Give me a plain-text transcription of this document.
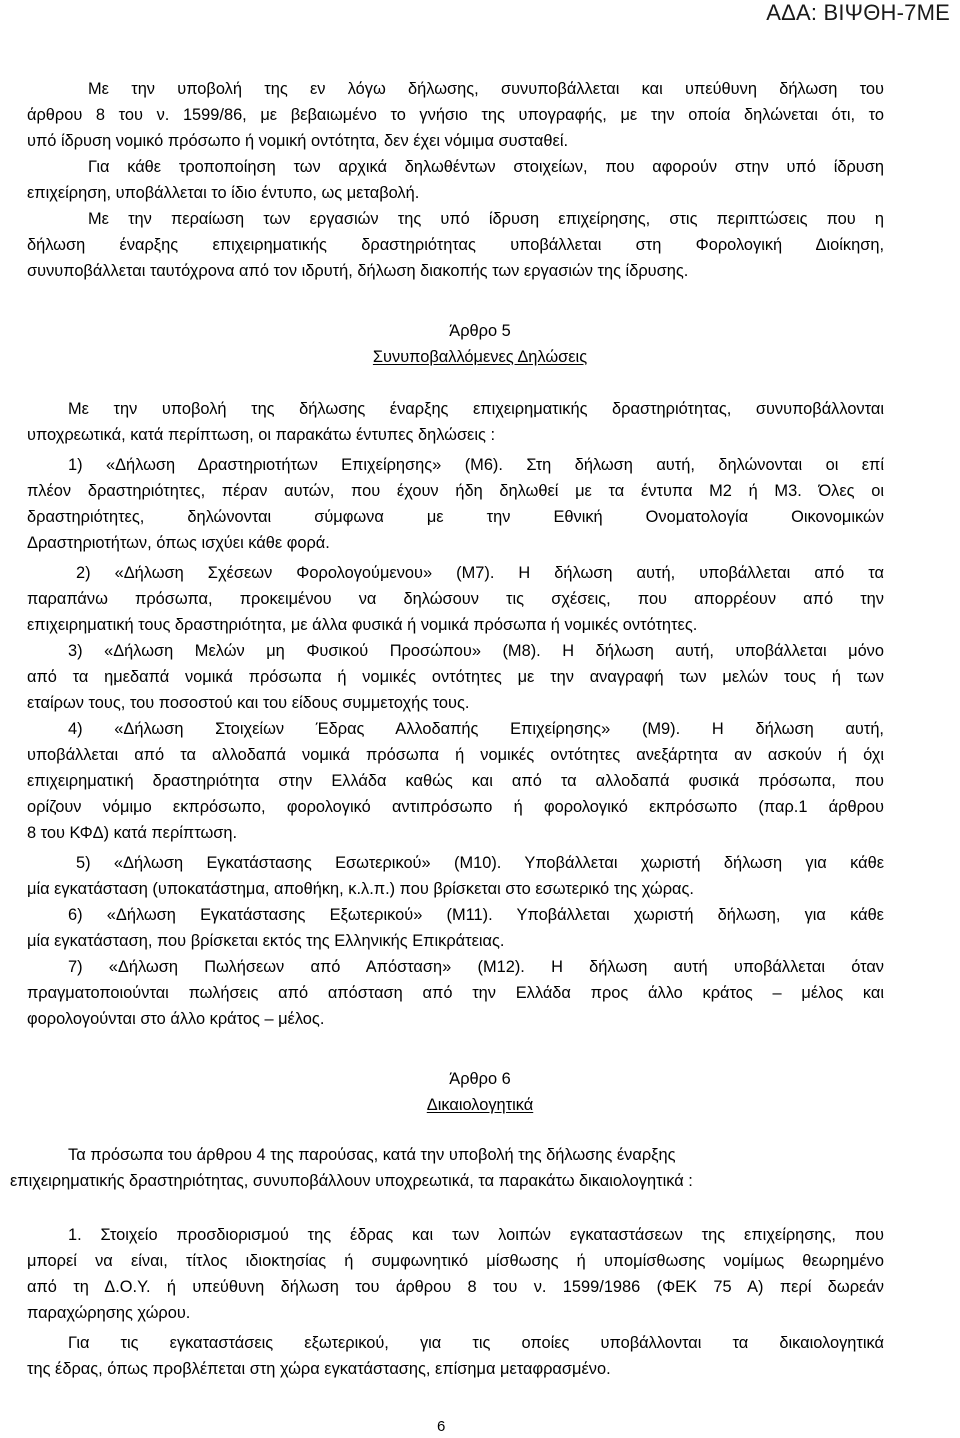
ΑΔΑ: ΒΙΨΘΗ-7ΜΕ
Με την υποβολή της εν λόγω δήλωσης, συνυποβάλλεται και υπεύθυνη δήλωση του
άρθρου 8 του ν. 1599/86, με βεβαιωμένο το γνήσιο της υπογραφής, με την οποία δηλώνεται ότι, το
υπό ίδρυση νομικό πρόσωπο ή νομική οντότητα, δεν έχει νόμιμα συσταθεί.
Για κάθε τροποποίηση των αρχικά δηλωθέντων στοιχείων, που αφορούν στην υπό ίδρυση
επιχείρηση, υποβάλλεται το ίδιο έντυπο, ως μεταβολή.
Με την περαίωση των εργασιών της υπό ίδρυση επιχείρησης, στις περιπτώσεις που η
δήλωση έναρξης επιχειρηματικής δραστηριότητας υποβάλλεται στη Φορολογική Διοίκηση,
συνυποβάλλεται ταυτόχρονα από τον ιδρυτή, δήλωση διακοπής των εργασιών της ίδρυσης.
Άρθρο 5
Συνυποβαλλόμενες Δηλώσεις
Με την υποβολή της δήλωσης έναρξης επιχειρηματικής δραστηριότητας, συνυποβάλλονται
υποχρεωτικά, κατά περίπτωση, οι παρακάτω έντυπες δηλώσεις :
1) «Δήλωση Δραστηριοτήτων Επιχείρησης» (Μ6). Στη δήλωση αυτή, δηλώνονται οι επί
πλέον δραστηριότητες, πέραν αυτών, που έχουν ήδη δηλωθεί με τα έντυπα Μ2 ή Μ3. Όλες οι
δραστηριότητες, δηλώνονται σύμφωνα με την Εθνική Ονοματολογία Οικονομικών
Δραστηριοτήτων, όπως ισχύει κάθε φορά.
2) «Δήλωση Σχέσεων Φορολογούμενου» (Μ7). Η δήλωση αυτή, υποβάλλεται από τα
παραπάνω πρόσωπα, προκειμένου να δηλώσουν τις σχέσεις, που απορρέουν από την
επιχειρηματική τους δραστηριότητα, με άλλα φυσικά ή νομικά πρόσωπα ή νομικές οντότητες.
3) «Δήλωση Μελών μη Φυσικού Προσώπου» (Μ8). Η δήλωση αυτή, υποβάλλεται μόνο
από τα ημεδαπά νομικά πρόσωπα ή νομικές οντότητες με την αναγραφή των μελών τους ή των
εταίρων τους, του ποσοστού και του είδους συμμετοχής τους.
4) «Δήλωση Στοιχείων Έδρας Αλλοδαπής Επιχείρησης» (Μ9). Η δήλωση αυτή,
υποβάλλεται από τα αλλοδαπά νομικά πρόσωπα ή νομικές οντότητες ανεξάρτητα αν ασκούν ή όχι
επιχειρηματική δραστηριότητα στην Ελλάδα καθώς και από τα αλλοδαπά φυσικά πρόσωπα, που
ορίζουν νόμιμο εκπρόσωπο, φορολογικό αντιπρόσωπο ή φορολογικό εκπρόσωπο (παρ.1 άρθρου
8 του ΚΦΔ) κατά περίπτωση.
5) «Δήλωση Εγκατάστασης Εσωτερικού» (Μ10). Υποβάλλεται χωριστή δήλωση για κάθε
μία εγκατάσταση (υποκατάστημα, αποθήκη, κ.λ.π.) που βρίσκεται στο εσωτερικό της χώρας.
6) «Δήλωση Εγκατάστασης Εξωτερικού» (Μ11). Υποβάλλεται χωριστή δήλωση, για κάθε
μία εγκατάσταση, που βρίσκεται εκτός της Ελληνικής Επικράτειας.
7) «Δήλωση Πωλήσεων από Απόσταση» (Μ12). Η δήλωση αυτή υποβάλλεται όταν
πραγματοποιούνται πωλήσεις από απόσταση από την Ελλάδα προς άλλο κράτος – μέλος και
φορολογούνται στο άλλο κράτος – μέλος.
Άρθρο 6
Δικαιολογητικά
Τα πρόσωπα του άρθρου 4 της παρούσας, κατά την υποβολή της δήλωσης έναρξης
επιχειρηματικής δραστηριότητας, συνυποβάλλουν υποχρεωτικά, τα παρακάτω δικαιολογητικά :
1. Στοιχείο προσδιορισμού της έδρας και των λοιπών εγκαταστάσεων της επιχείρησης, που
μπορεί να είναι, τίτλος ιδιοκτησίας ή συμφωνητικό μίσθωσης ή υπομίσθωσης νομίμως θεωρημένο
από τη Δ.Ο.Υ. ή υπεύθυνη δήλωση του άρθρου 8 του ν. 1599/1986 (ΦΕΚ 75 Α) περί δωρεάν
παραχώρησης χώρου.
Για τις εγκαταστάσεις εξωτερικού, για τις οποίες υποβάλλονται τα δικαιολογητικά
της έδρας, όπως προβλέπεται στη χώρα εγκατάστασης, επίσημα μεταφρασμένο.
6
